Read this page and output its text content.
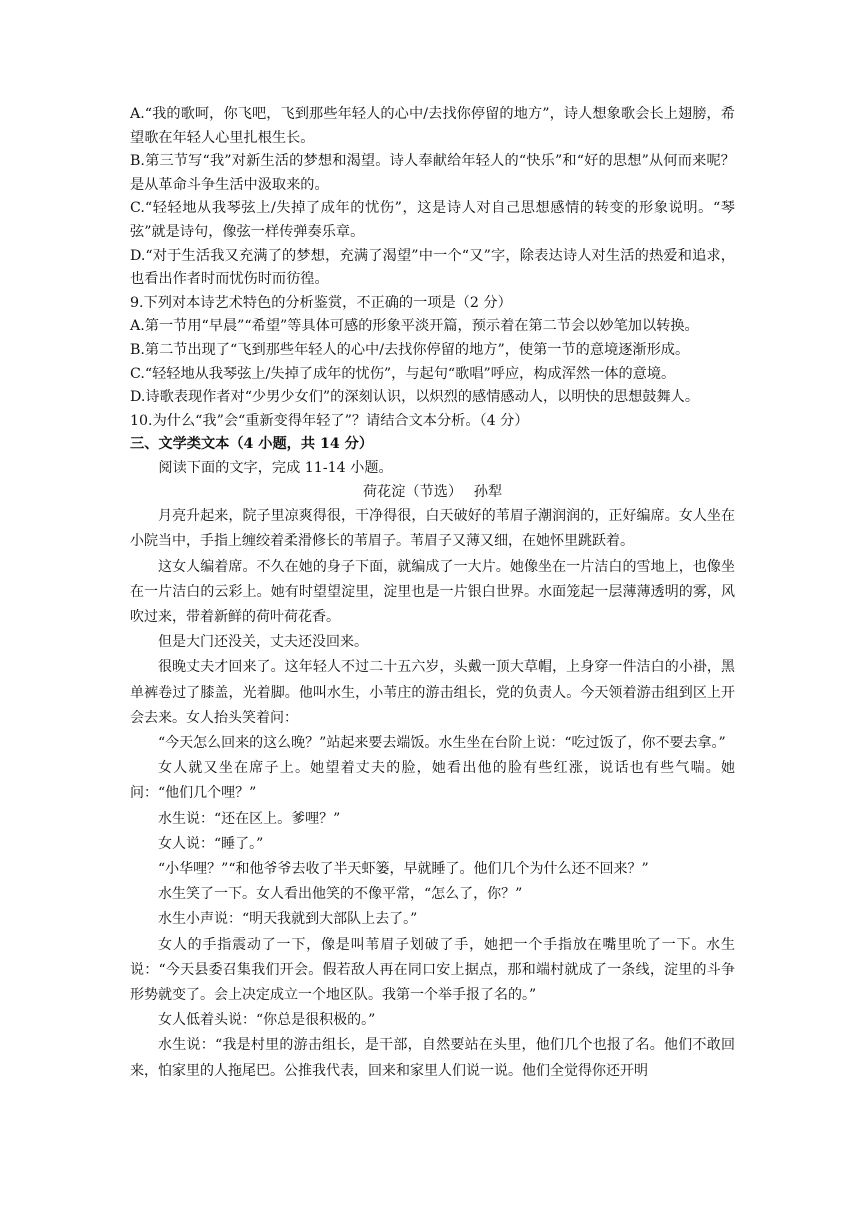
A.“我的歌呵，你飞吧，飞到那些年轻人的心中/去找你停留的地方”，诗人想象歌会长上翅膀，希望歌在年轻人心里扎根生长。

B.第三节写“我”对新生活的梦想和渴望。诗人奉献给年轻人的“快乐”和“好的思想”从何而来呢？是从革命斗争生活中汲取来的。

C.“轻轻地从我琴弦上/失掉了成年的忧伤”，这是诗人对自己思想感情的转变的形象说明。“琴弦”就是诗句，像弦一样传弹奏乐章。

D.“对于生活我又充满了的梦想，充满了渴望”中一个“又”字，除表达诗人对生活的热爱和追求，也看出作者时而忧伤时而彷徨。

9.下列对本诗艺术特色的分析鉴赏，不正确的一项是（2 分）

A.第一节用“早晨”“希望”等具体可感的形象平淡开篇，预示着在第二节会以妙笔加以转换。

B.第二节出现了“飞到那些年轻人的心中/去找你停留的地方”，使第一节的意境逐渐形成。

C.“轻轻地从我琴弦上/失掉了成年的忧伤”，与起句“歌唱”呼应，构成浑然一体的意境。

D.诗歌表现作者对“少男少女们”的深刻认识，以炽烈的感情感动人，以明快的思想鼓舞人。

10.为什么“我”会“重新变得年轻了”？请结合文本分析。（4 分）

三、文学类文本（4 小题，共 14 分）

阅读下面的文字，完成 11-14 小题。

荷花淀（节选）　 孙犁

月亮升起来，院子里凉爽得很，干净得很，白天破好的苇眉子潮润润的，正好编席。女人坐在小院当中，手指上缠绞着柔滑修长的苇眉子。苇眉子又薄又细，在她怀里跳跃着。

这女人编着席。不久在她的身子下面，就编成了一大片。她像坐在一片洁白的雪地上，也像坐在一片洁白的云彩上。她有时望望淀里，淀里也是一片银白世界。水面笼起一层薄薄透明的雾，风吹过来，带着新鲜的荷叶荷花香。

但是大门还没关，丈夫还没回来。

很晚丈夫才回来了。这年轻人不过二十五六岁，头戴一顶大草帽，上身穿一件洁白的小褂，黑单裤卷过了膝盖，光着脚。他叫水生，小苇庄的游击组长，党的负责人。今天领着游击组到区上开会去来。女人抬头笑着问：

“今天怎么回来的这么晚？”站起来要去端饭。水生坐在台阶上说：“吃过饭了，你不要去拿。”

女人就又坐在席子上。她望着丈夫的脸，她看出他的脸有些红涨，说话也有些气喘。她问：“他们几个哩？”

水生说：“还在区上。爹哩？”

女人说：“睡了。”

“小华哩？”“和他爷爷去收了半天虾篓，早就睡了。他们几个为什么还不回来？”

水生笑了一下。女人看出他笑的不像平常，“怎么了，你？”

水生小声说：“明天我就到大部队上去了。”

女人的手指震动了一下，像是叫苇眉子划破了手，她把一个手指放在嘴里吮了一下。水生说：“今天县委召集我们开会。假若敌人再在同口安上据点，那和端村就成了一条线，淀里的斗争形势就变了。会上决定成立一个地区队。我第一个举手报了名的。”

女人低着头说：“你总是很积极的。”

水生说：“我是村里的游击组长，是干部，自然要站在头里，他们几个也报了名。他们不敢回来，怕家里的人拖尾巴。公推我代表，回来和家里人们说一说。他们全觉得你还开明
